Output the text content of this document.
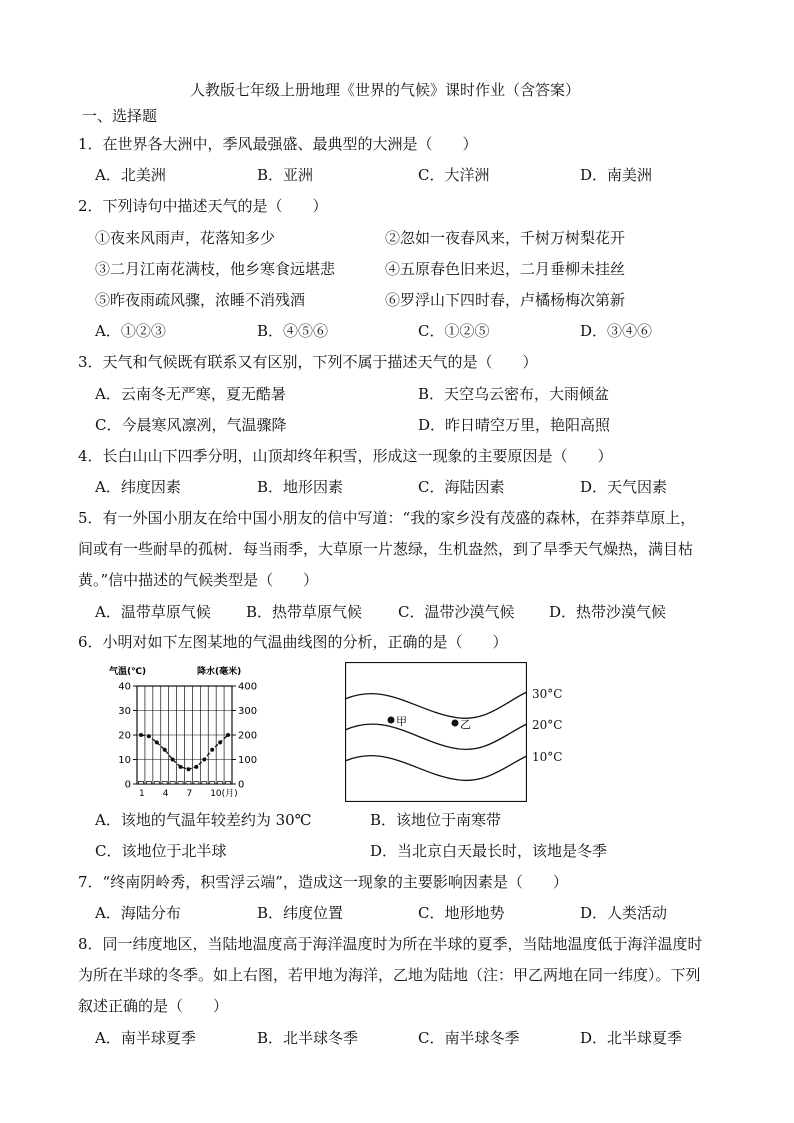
人教版七年级上册地理《世界的气候》课时作业（含答案）
一、选择题
1．在世界各大洲中，季风最强盛、最典型的大洲是（　　）
A．北美洲	B．亚洲	C．大洋洲	D．南美洲
2．下列诗句中描述天气的是（　　）
①夜来风雨声，花落知多少	②忽如一夜春风来，千树万树梨花开
③二月江南花满枝，他乡寒食远堪悲	④五原春色旧来迟，二月垂柳未挂丝
⑤昨夜雨疏风骤，浓睡不消残酒	⑥罗浮山下四时春，卢橘杨梅次第新
A．①②③	B．④⑤⑥	C．①②⑤	D．③④⑥
3．天气和气候既有联系又有区别，下列不属于描述天气的是（　　）
A．云南冬无严寒，夏无酷暑	B．天空乌云密布，大雨倾盆
C．今晨寒风凛冽，气温骤降	D．昨日晴空万里，艳阳高照
4．长白山山下四季分明，山顶却终年积雪，形成这一现象的主要原因是（　　）
A．纬度因素	B．地形因素	C．海陆因素	D．天气因素
5．有一外国小朋友在给中国小朋友的信中写道：“我的家乡没有茂盛的森林，在莽莽草原上，
间或有一些耐旱的孤树．每当雨季，大草原一片葱绿，生机盎然，到了旱季天气燥热，满目枯
黄。”信中描述的气候类型是（　　）
A．温带草原气候 B．热带草原气候 C．温带沙漠气候 D．热带沙漠气候
6．小明对如下左图某地的气温曲线图的分析，正确的是（　　）
气温(℃)	降水(毫米)
40
30
20
10
0
400
300
200
100
0
1 4 7 10(月)
甲	乙
30°C
20°C
10°C
A．该地的气温年较差约为 30℃	B．该地位于南寒带
C．该地位于北半球	D．当北京白天最长时，该地是冬季
7．“终南阴岭秀，积雪浮云端”，造成这一现象的主要影响因素是（　　）
A．海陆分布	B．纬度位置	C．地形地势	D．人类活动
8．同一纬度地区，当陆地温度高于海洋温度时为所在半球的夏季，当陆地温度低于海洋温度时
为所在半球的冬季。如上右图，若甲地为海洋，乙地为陆地（注：甲乙两地在同一纬度）。下列
叙述正确的是（　　）
A．南半球夏季	B．北半球冬季	C．南半球冬季	D．北半球夏季
